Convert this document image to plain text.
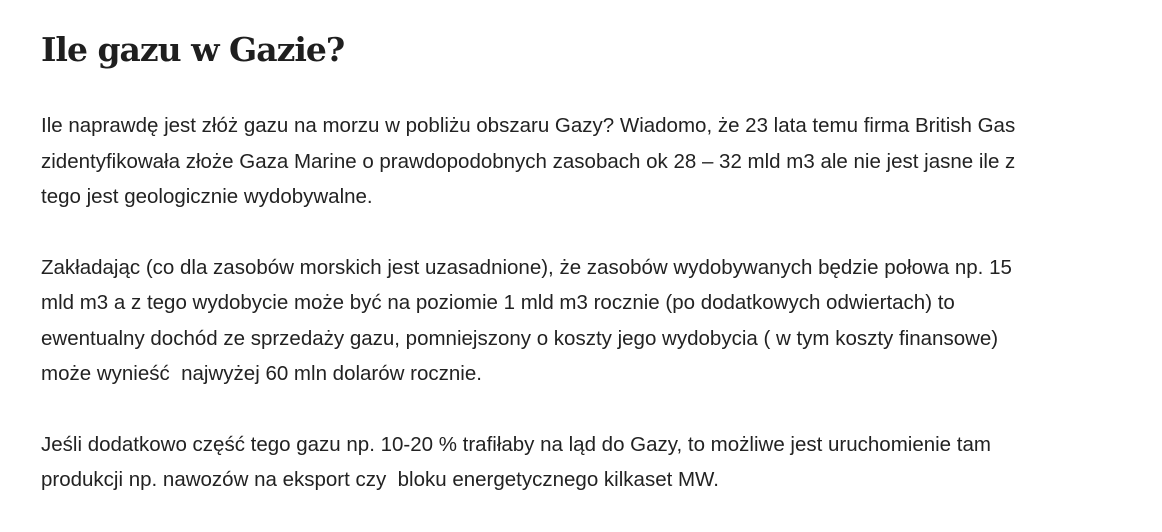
Ile gazu w Gazie?

Ile naprawdę jest złóż gazu na morzu w pobliżu obszaru Gazy? Wiadomo, że 23 lata temu firma British Gas
zidentyfikowała złoże Gaza Marine o prawdopodobnych zasobach ok 28 – 32 mld m3 ale nie jest jasne ile z
tego jest geologicznie wydobywalne.

Zakładając (co dla zasobów morskich jest uzasadnione), że zasobów wydobywanych będzie połowa np. 15
mld m3 a z tego wydobycie może być na poziomie 1 mld m3 rocznie (po dodatkowych odwiertach) to
ewentualny dochód ze sprzedaży gazu, pomniejszony o koszty jego wydobycia ( w tym koszty finansowe)
może wynieść  najwyżej 60 mln dolarów rocznie.

Jeśli dodatkowo część tego gazu np. 10-20 % trafiłaby na ląd do Gazy, to możliwe jest uruchomienie tam
produkcji np. nawozów na eksport czy  bloku energetycznego kilkaset MW.
